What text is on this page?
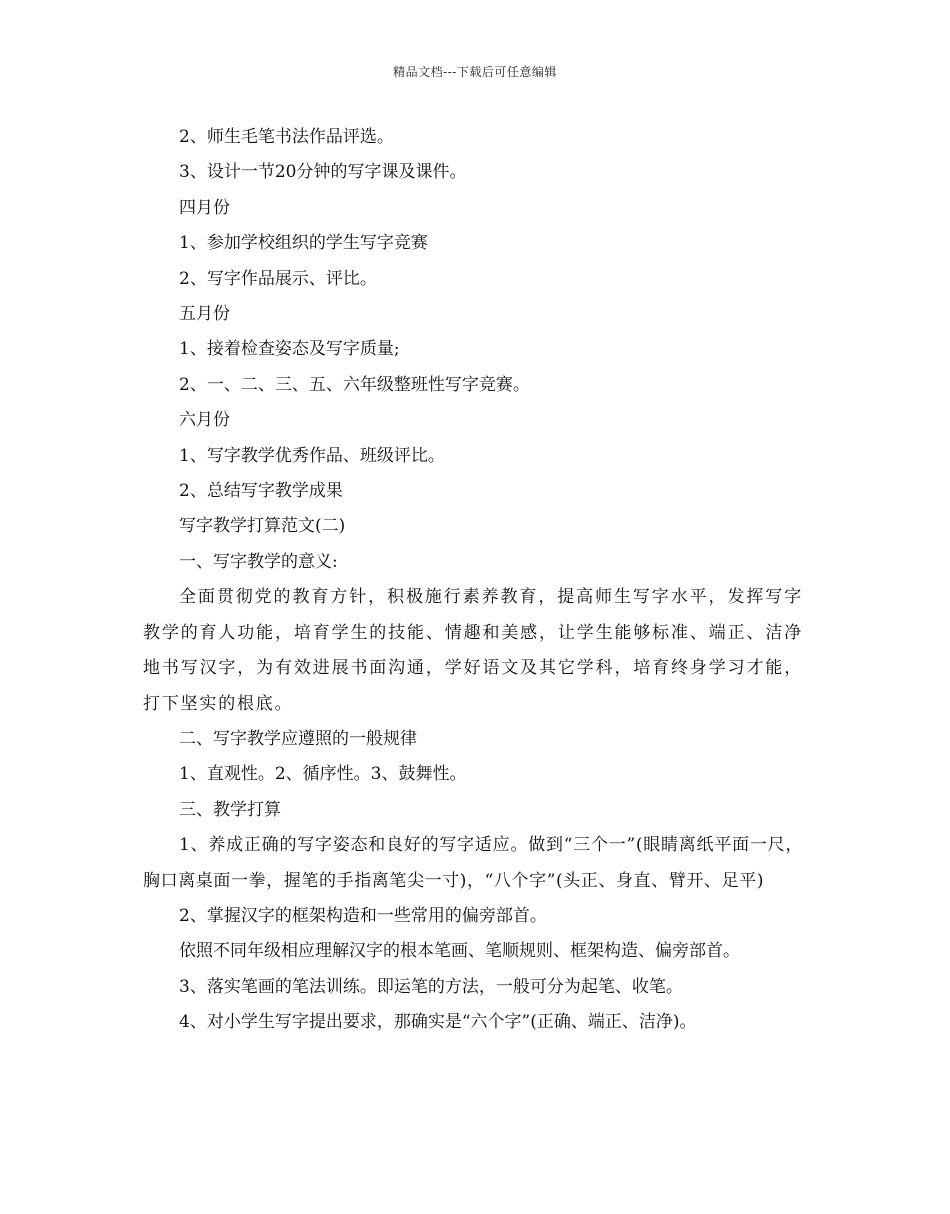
精品文档---下载后可任意编辑

2、师生毛笔书法作品评选。

3、设计一节20分钟的写字课及课件。

四月份

1、参加学校组织的学生写字竞赛

2、写字作品展示、评比。

五月份

1、接着检查姿态及写字质量;

2、一、二、三、五、六年级整班性写字竞赛。

六月份

1、写字教学优秀作品、班级评比。

2、总结写字教学成果

写字教学打算范文(二)

一、写字教学的意义:

全面贯彻党的教育方针，积极施行素养教育，提高师生写字水平，发挥写字教学的育人功能，培育学生的技能、情趣和美感，让学生能够标准、端正、洁净地书写汉字，为有效进展书面沟通，学好语文及其它学科，培育终身学习才能，打下坚实的根底。

二、写字教学应遵照的一般规律

1、直观性。2、循序性。3、鼓舞性。

三、教学打算

1、养成正确的写字姿态和良好的写字适应。做到“三个一”(眼睛离纸平面一尺，胸口离桌面一拳，握笔的手指离笔尖一寸)，“八个字”(头正、身直、臂开、足平)

2、掌握汉字的框架构造和一些常用的偏旁部首。

依照不同年级相应理解汉字的根本笔画、笔顺规则、框架构造、偏旁部首。

3、落实笔画的笔法训练。即运笔的方法，一般可分为起笔、收笔。

4、对小学生写字提出要求，那确实是“六个字”(正确、端正、洁净)。
